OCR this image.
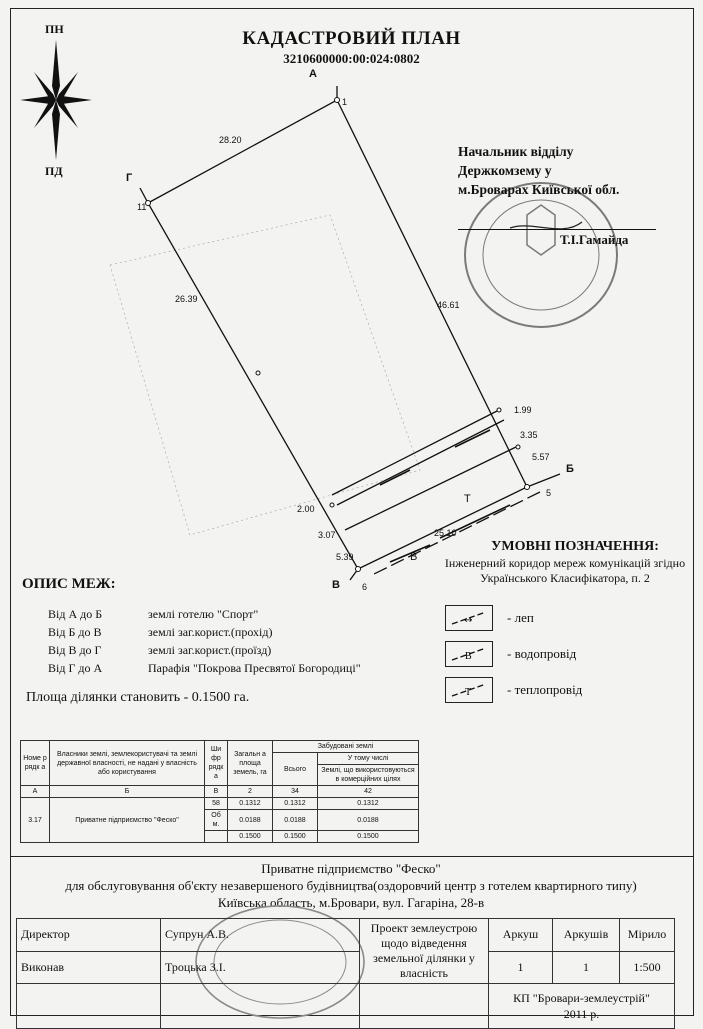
КАДАСТРОВИЙ ПЛАН
3210600000:00:024:0802
ПН
ПД
А
1
Г
11
Б
5
В 6
28.20
26.39
46.61
25.10
1.99
3.35
5.57
2.00
3.07
5.39
Т
В
Начальник відділу
Держкомзему у
м.Броварах Київської обл.
Т.І.Гамайда
УМОВНІ ПОЗНАЧЕННЯ:
Інженерний коридор мереж комунікацій згідно Українського Класифікатора, п. 2
↔	- леп
В	- водопровід
Т	- теплопровід
ОПИС МЕЖ:
Від А до Б	землі готелю "Спорт"
Від Б до В	землі заг.корист.(прохід)
Від В до Г	землі заг.корист.(проїзд)
Від Г до А	Парафія "Покрова Пресвятої Богородиці"
Площа ділянки становить - 0.1500 га.
Номе р рядк а	Власники землі, землекористувачі та землі державної власності, не надані у власність або користування	Ши фр рядк а	Загальн а площа земель, га	Забудовані землі	
				Всього	У тому числі
					Землі, що використовуються в комерційних цілях
А	Б	В	2	34	42
3.17	Приватне підприємство "Феско"	58	0.1312	0.1312	0.1312
		Об м.	0.0188	0.0188	0.0188
			0.1500	0.1500	0.1500
Приватне підприємство "Феско"
для обслуговування об'єкту незавершеного будівництва(оздоровчий центр з готелем квартирного типу)
Київська область, м.Бровари, вул. Гагаріна, 28-в
Директор	Супрун А.В.	Проект землеустрою щодо відведення земельної ділянки у власність	Аркуш	Аркушів	Мірило
Виконав	Троцька З.І.		1	1	1:500

			КП "Бровари-землеустрій"
2011 р.		
